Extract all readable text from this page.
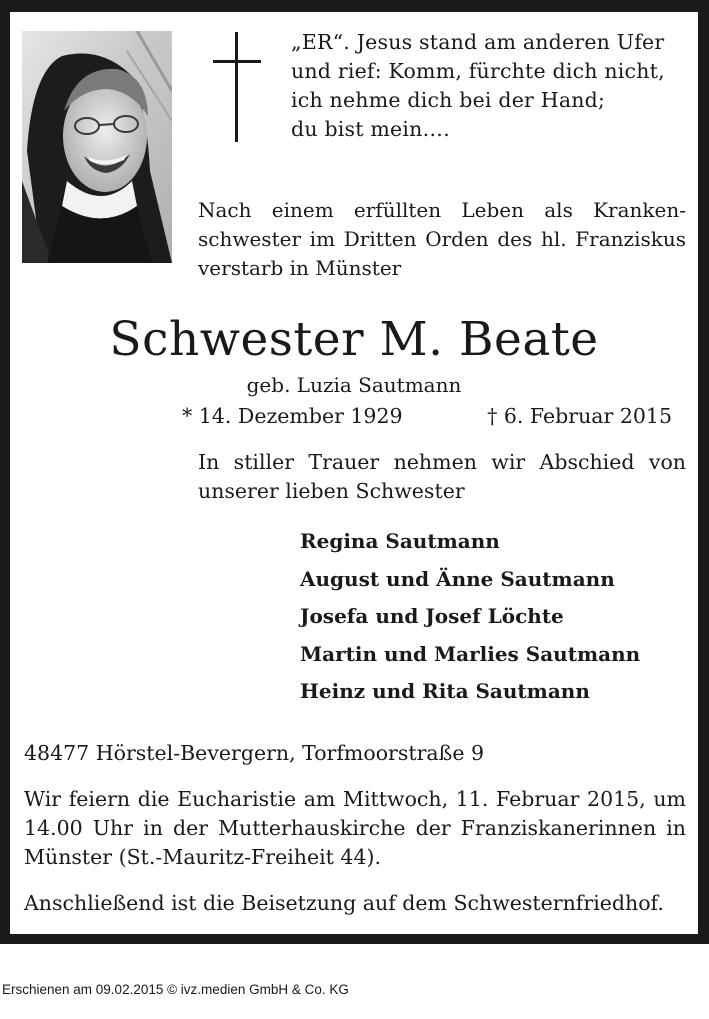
„ER“. Jesus stand am anderen Ufer
und rief: Komm, fürchte dich nicht,
ich nehme dich bei der Hand;
du bist mein….

Nach einem erfüllten Leben als Kranken- schwester im Dritten Orden des hl. Franziskus verstarb in Münster

Schwester M. Beate
geb. Luzia Sautmann
* 14. Dezember 1929	† 6. Februar 2015

In stiller Trauer nehmen wir Abschied von unserer lieben Schwester

Regina Sautmann
August und Änne Sautmann
Josefa und Josef Löchte
Martin und Marlies Sautmann
Heinz und Rita Sautmann
48477 Hörstel-Bevergern, Torfmoorstraße 9

Wir feiern die Eucharistie am Mittwoch, 11. Februar 2015, um 14.00 Uhr in der Mutterhauskirche der Franziskanerinnen in Münster (St.-Mauritz-Freiheit 44).

Anschließend ist die Beisetzung auf dem Schwesternfriedhof.
Erschienen am 09.02.2015 © ivz.medien GmbH & Co. KG
